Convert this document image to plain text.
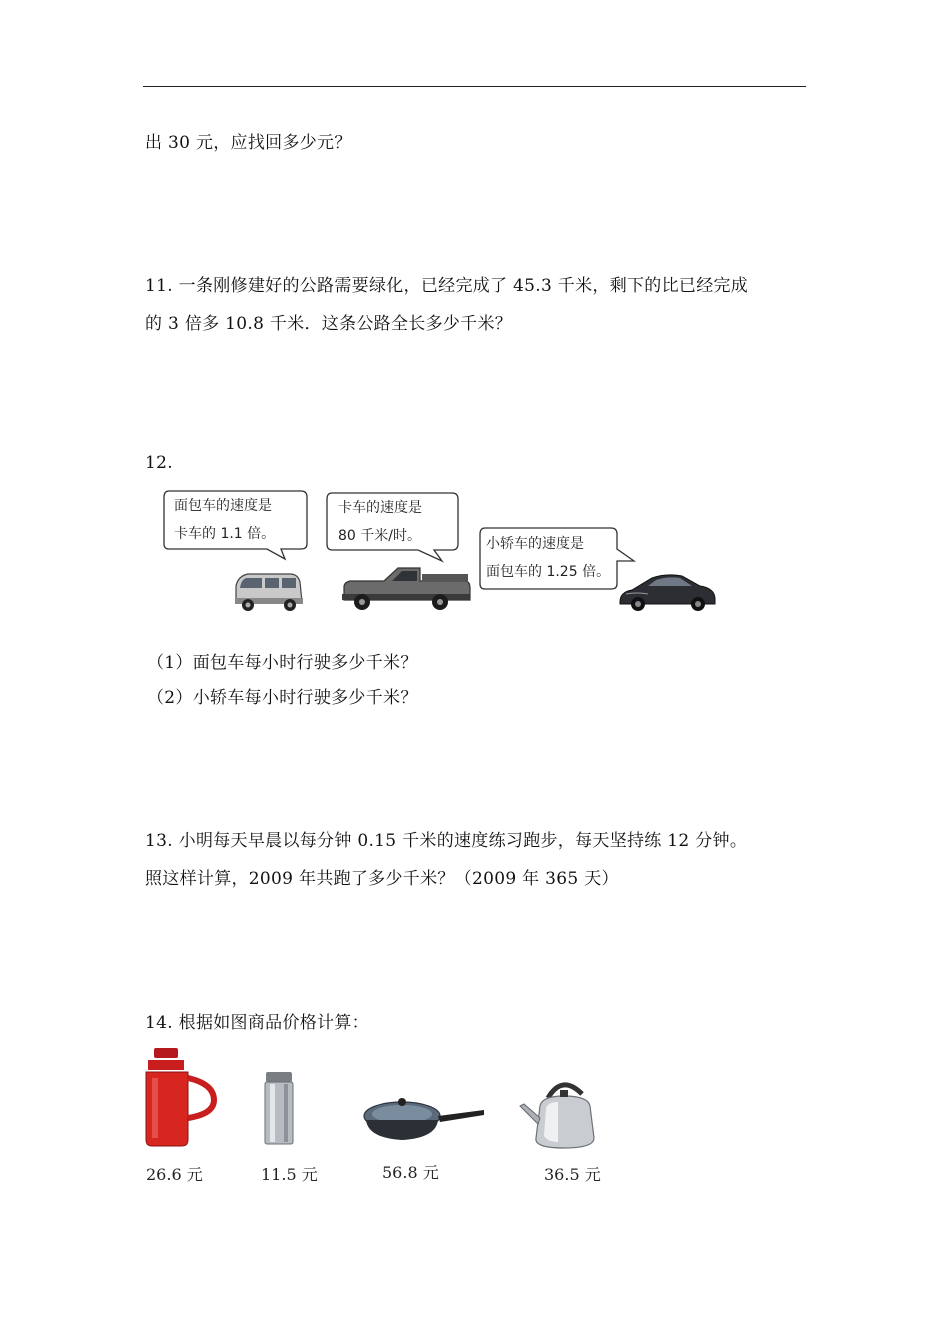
出 30 元，应找回多少元？
11. 一条刚修建好的公路需要绿化，已经完成了 45.3 千米，剩下的比已经完成
的 3 倍多 10.8 千米．这条公路全长多少千米？
12.
面包车的速度是
卡车的 1.1 倍。
卡车的速度是
80 千米/时。	小轿车的速度是
面包车的 1.25 倍。
（1）面包车每小时行驶多少千米？
（2）小轿车每小时行驶多少千米？
13. 小明每天早晨以每分钟 0.15 千米的速度练习跑步，每天坚持练 12 分钟。
照这样计算，2009 年共跑了多少千米？（2009 年 365 天）
14. 根据如图商品价格计算：
26.6 元	11.5 元	56.8 元	36.5 元
